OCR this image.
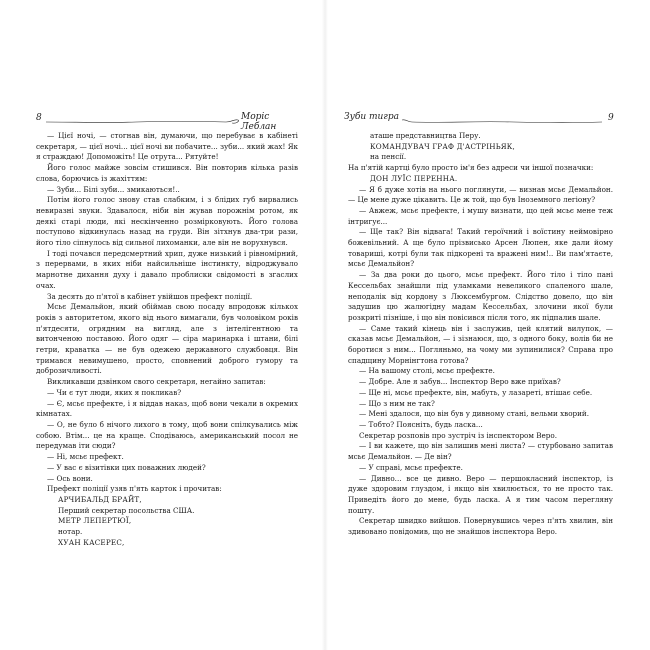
8	Моріс Леблан
Зуби тигра	9

— Цієї ночі, — стогнав він, думаючи, що перебуває в кабінеті секретаря, — цієї ночі... цієї ночі ви побачите... зуби... який жах! Як я страждаю! Допоможіть! Це отрута... Рятуйте!

Його голос майже зовсім стишився. Він повторив кілька разів слова, борючись із жахіттям:

— Зуби... Білі зуби... змикаються!..

Потім його голос знову став слабким, і з блідих губ вирвались невиразні звуки. Здавалося, ніби він жував порожнім ротом, як деякі старі люди, які нескінченно розмірковують. Його голова поступово відкинулась назад на груди. Він зітхнув два-три рази, його тіло сіпнулось від сильної лихоманки, але він не ворухнувся.

І тоді почався передсмертний хрип, дуже низький і рівномірний, з перервами, в яких ніби найсильніше інстинкту, відроджувало марнотне дихання духу і давало проблиски свідомості в згаслих очах.

За десять до п'ятої в кабінет увійшов префект поліції.

Мсьє Демальйон, який обіймав свою посаду впродовж кількох років з авторитетом, якого від нього вимагали, був чоловіком років п'ятдесяти, огрядним на вигляд, але з інтелігентною та витонченою поставою. Його одяг — сіра маринарка і штани, білі гетри, краватка — не був одежею державного службовця. Він тримався невимушено, просто, сповнений доброго гумору та доброзичливості.

Викликавши дзвінком свого секретаря, негайно запитав:

— Чи є тут люди, яких я покликав?

— Є, мсьє префекте, і я віддав наказ, щоб вони чекали в окремих кімнатах.

— О, не було б нічого лихого в тому, щоб вони спілкувались між собою. Втім... це на краще. Сподіваюсь, американський посол не передумав іти сюди?

— Ні, мсьє префект.

— У вас є візитівки цих поважних людей?

— Ось вони.

Префект поліції узяв п'ять карток і прочитав:

АРЧИБАЛЬД БРАЙТ,

Перший секретар посольства США.

МЕТР ЛЕПЕРТЮЇ,

нотар.

ХУАН КАСЕРЕС,

аташе представництва Перу.

КОМАНДУВАЧ ГРАФ Д'АСТРІНЬЯК,

на пенсії.

На п'ятій картці було просто ім'я без адреси чи іншої позначки:

ДОН ЛУЇС ПЕРЕННА.

— Я б дуже хотів на нього поглянути, — визнав мсьє Демальйон. — Це мене дуже цікавить. Це ж той, що був Іноземного легіону?

— Авжеж, мсьє префекте, і мушу визнати, що цей мсьє мене теж інтригує...

— Ще так? Він відвага! Такий героїчний і воїстину неймовірно божевільний. А ще було прізвисько Арсен Люпен, яке дали йому товариші, котрі були так підкорені та вражені ним!.. Ви пам'ятаєте, мсьє Демальйон?

— За два роки до цього, мсьє префект. Його тіло і тіло пані Кессельбах знайшли під уламками невеликого спаленого шале, неподалік від кордону з Люксембургом. Слідство довело, що він задушив цю жалюгідну мадам Кессельбах, злочини якої були розкриті пізніше, і що він повісився після того, як підпалив шале.

— Саме такий кінець він і заслужив, цей клятий вилупок, — сказав мсьє Демальйон, — і зізнаюся, що, з одного боку, волів би не боротися з ним... Погляньмо, на чому ми зупинилися? Справа про спадщину Морнінгтона готова?

— На вашому столі, мсьє префекте.

— Добре. Але я забув... Інспектор Веро вже приїхав?

— Ще ні, мсьє префекте, він, мабуть, у лазареті, втішає себе.

— Що з ним не так?

— Мені здалося, що він був у дивному стані, вельми хворий.

— Тобто? Поясніть, будь ласка...

Секретар розповів про зустріч із інспектором Веро.

— І ви кажете, що він залишив мені листа? — стурбовано запитав мсьє Демальйон. — Де він?

— У справі, мсьє префекте.

— Дивно... все це дивно. Веро — першокласний інспектор, із дуже здоровим глуздом, і якщо він хвилюється, то не просто так. Приведіть його до мене, будь ласка. А я тим часом перегляну пошту.

Секретар швидко вийшов. Повернувшись через п'ять хвилин, він здивовано повідомив, що не знайшов інспектора Веро.
